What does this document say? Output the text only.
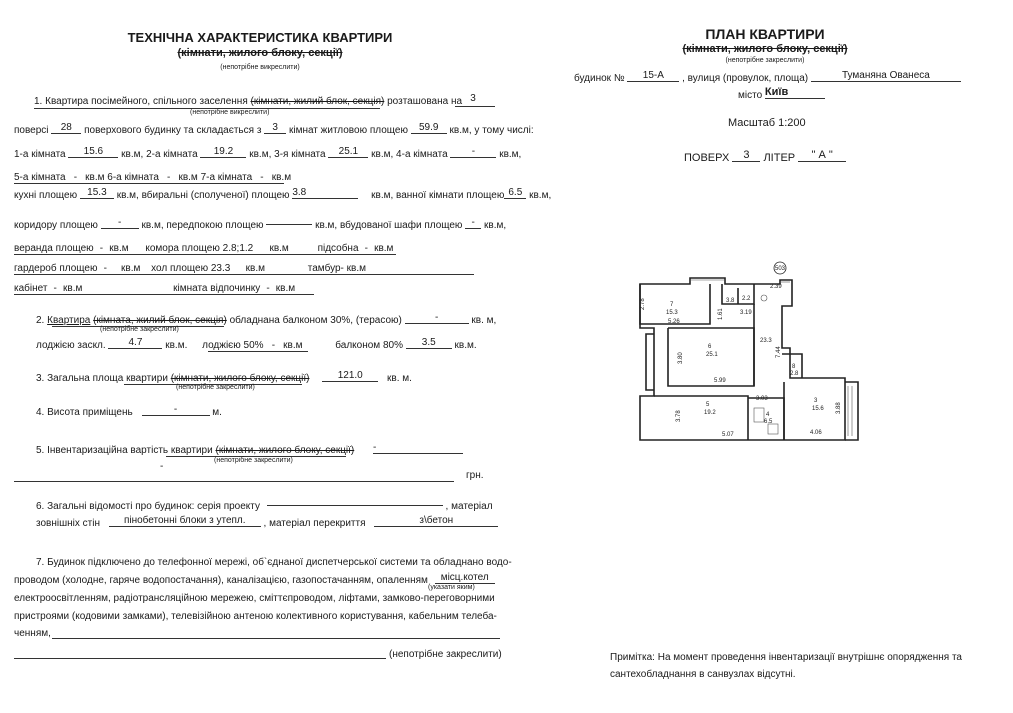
ТЕХНІЧНА ХАРАКТЕРИСТИКА КВАРТИРИ
(кімнати, жилого блоку, секції)
(непотрібне викреслити)
1. Квартира посімейного, спільного заселення (кімнати, жилий блок, секція) розташована на 3
(непотрібне викреслити)
поверсі 28 поверхового будинку та складається з 3 кімнат житловою площею 59.9 кв.м, у тому числі:
1-а кімната 15.6 кв.м, 2-а кімната 19.2 кв.м, 3-я кімната 25.1 кв.м, 4-а кімната - кв.м,
5-а кімната - кв.м 6-а кімната - кв.м 7-а кімната - кв.м
кухні площею 15.3 кв.м, вбиральні (сполученої) площею 3.8	кв.м, ванної кімнати площею 6.5 кв.м,
коридору площею - кв.м, передпокою площею	кв.м, вбудованої шафи площею - кв.м,
веранда площею - кв.м комора площею 2.8;1.2 кв.м	підсобна - кв.м
гардероб площею - кв.м хол площею 23.3 кв.м	тамбур- кв.м
кабінет - кв.м	кімната відпочинку - кв.м
2. Квартира (кімната, жилий блок, секція) обладнана балконом 30%, (терасою)	-	кв. м,
(непотрібне закреслити)
лоджією заскл. 4.7 кв.м. лоджією 50% - кв.м	балконом 80% 3.5 кв.м.
3. Загальна площа квартири (кімнати, жилого блоку, секції)	121.0 кв. м.
(непотрібне закреслити)
4. Висота приміщень	-	м.
5. Інвентаризаційна вартість квартири (кімнати, жилого блоку, секції) -
(непотрібне закреслити)
-
грн.
6. Загальні відомості про будинок: серія проекту	, матеріал
зовнішніх стін пінобетонні блоки з утепл. , матеріал перекриття	з\бетон
7. Будинок підключено до телефонної мережі, об`єднаної диспетчерської системи та обладнано водо-
проводом (холодне, гаряче водопостачання), каналізацією, газопостачанням, опаленням місц.котел
(указати яким)
електроосвітленням, радіотрансляційною мережею, сміттєпроводом, ліфтами, замково-переговорними
пристроями (кодовими замками), телевізійною антеною колективного користування, кабельним телеба-
ченням,
(непотрібне закреслити)
ПЛАН КВАРТИРИ
(кімнати, жилого блоку, секції)
(непотрібне закреслити)
будинок № 15-А , вулиця (провулок, площа)	Туманяна Ованеса
місто Київ
Масштаб 1:200
ПОВЕРХ 3 ЛІТЕР " А "
503
7
15.3
2.78
5.26
3.8 2.2
2.39
3.19
1.61
6
25.1
3.80
5.99
23.3
7.44
8
2.8
5
19.2
3.78
5.07
4
6.5
3.03	3
15.6 3.88
4.06
Примітка: На момент проведення інвентаризації внутрішнє опорядження та
сантехобладнання в санвузлах відсутні.
